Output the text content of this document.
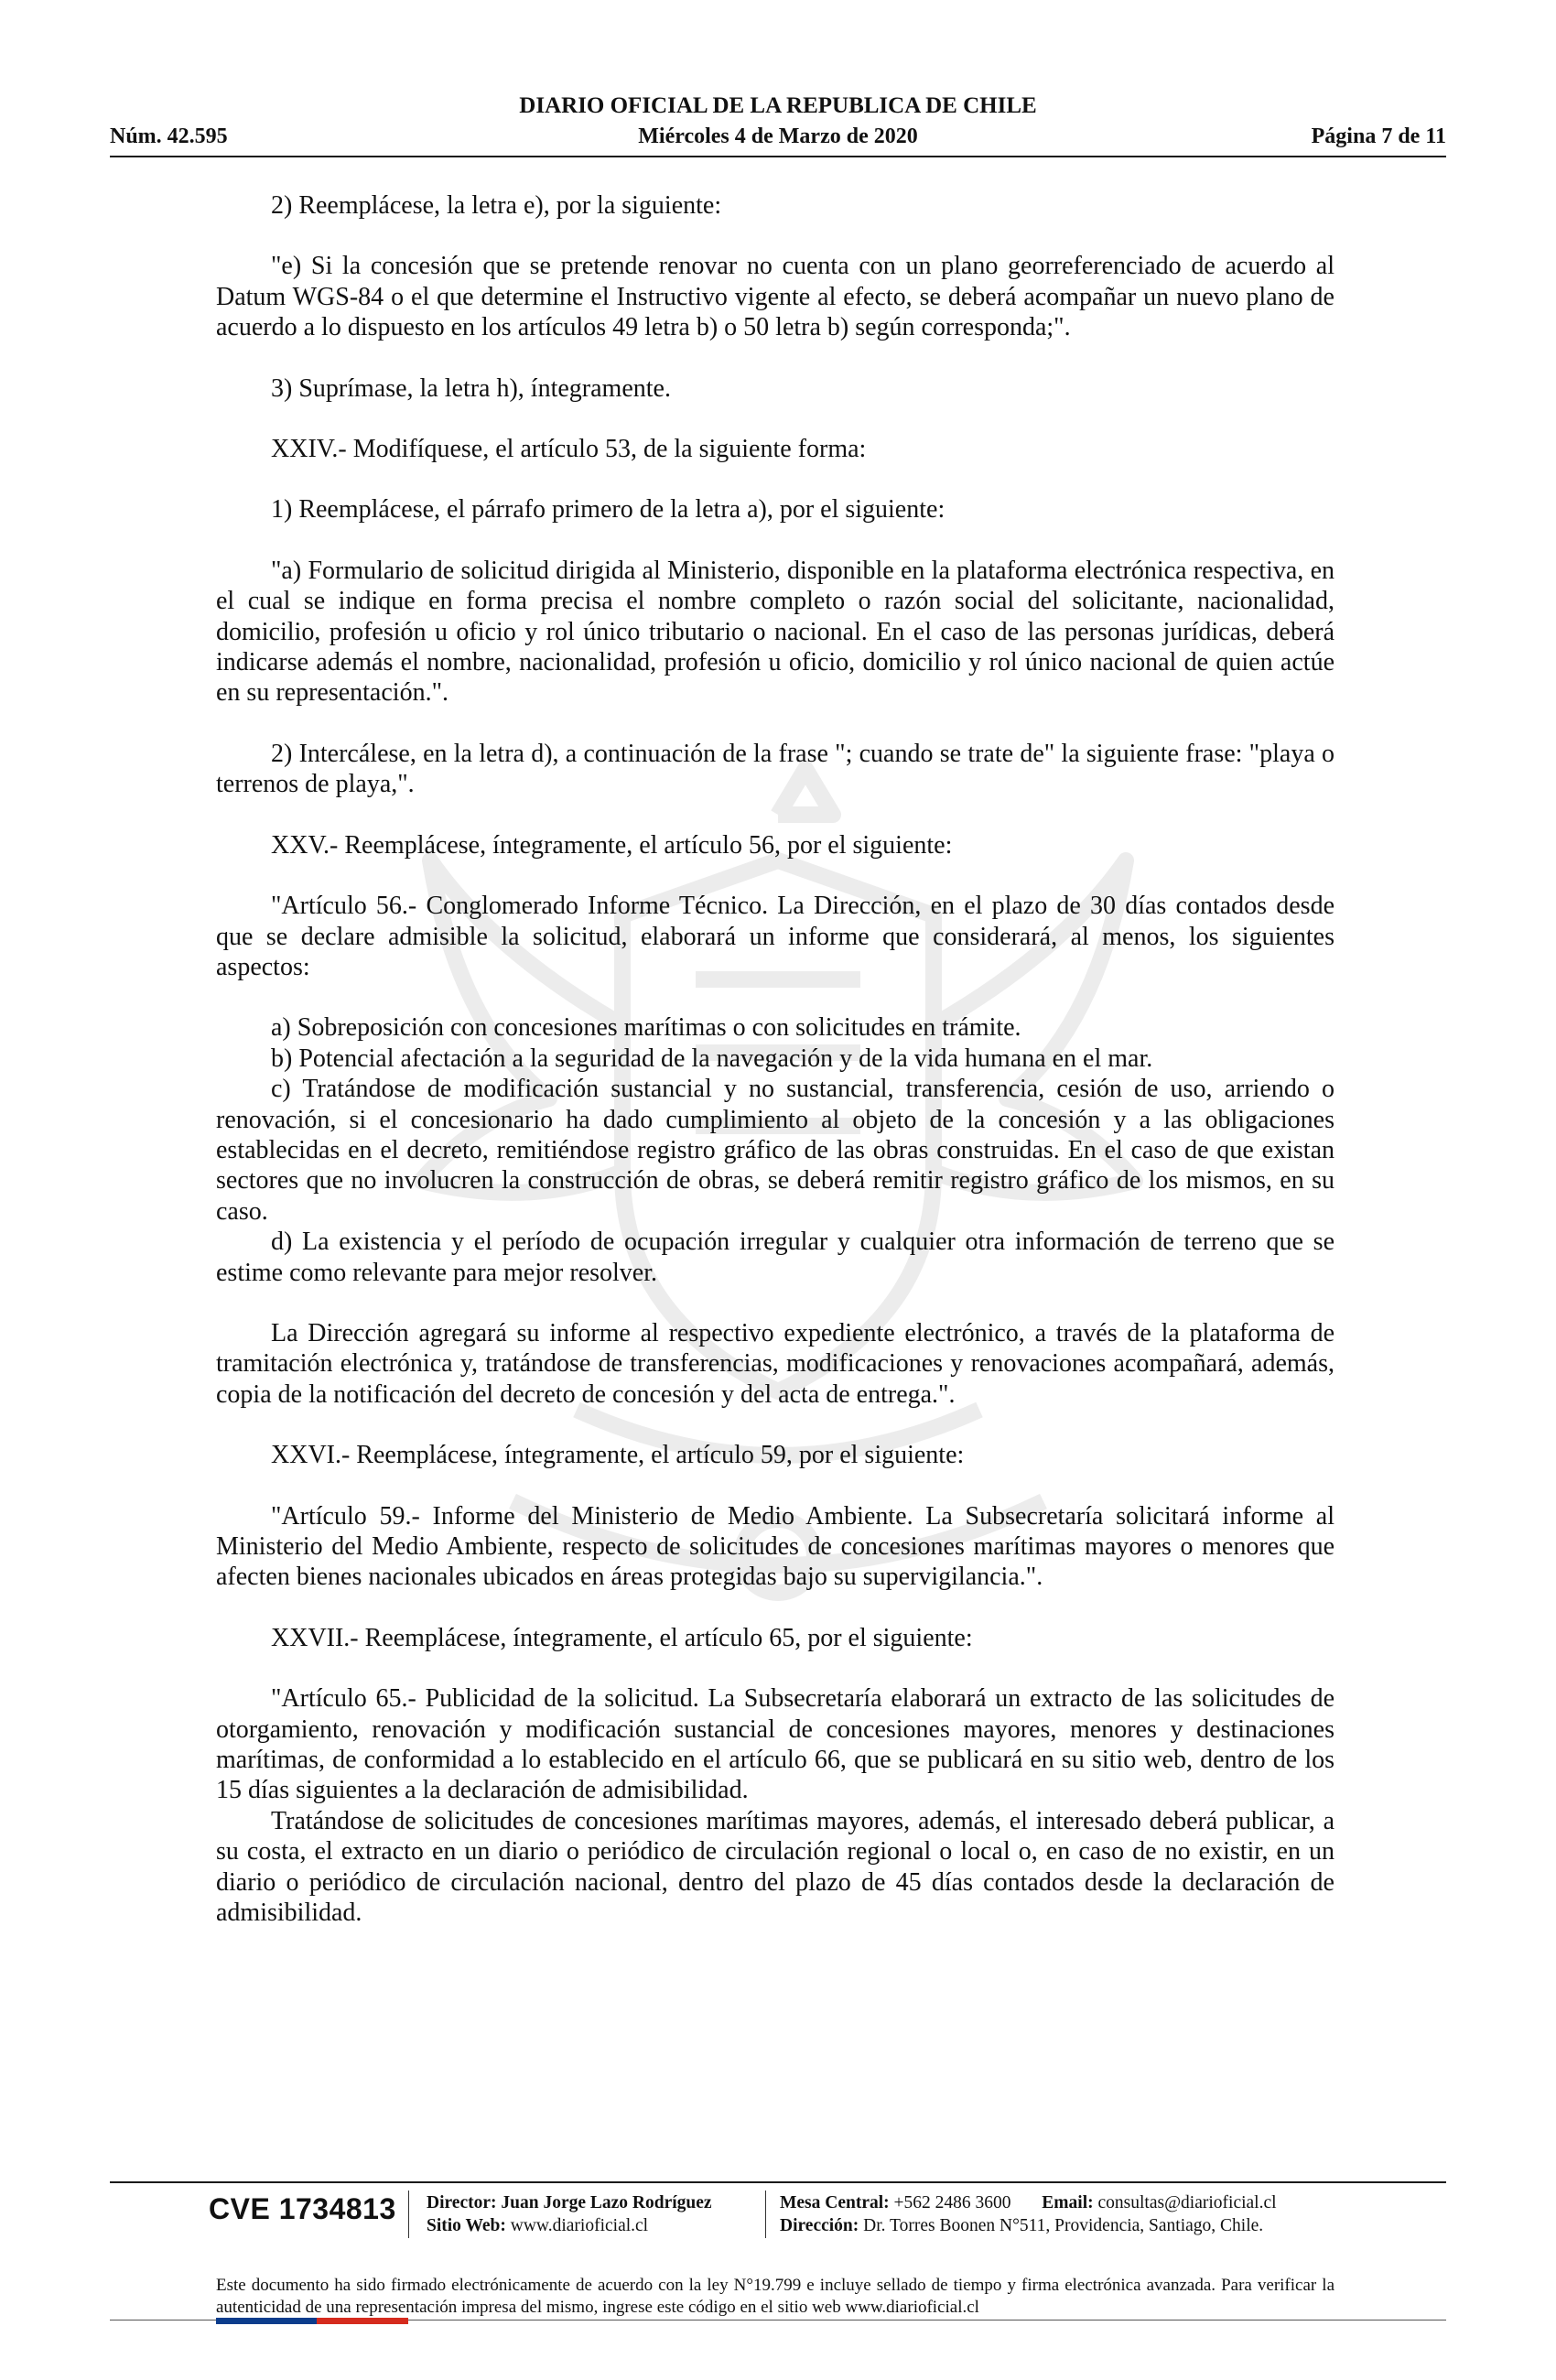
DIARIO OFICIAL DE LA REPUBLICA DE CHILE
Núm. 42.595	Miércoles 4 de Marzo de 2020	Página 7 de 11

2) Reemplácese, la letra e), por la siguiente:

"e) Si la concesión que se pretende renovar no cuenta con un plano georreferenciado de acuerdo al Datum WGS-84 o el que determine el Instructivo vigente al efecto, se deberá acompañar un nuevo plano de acuerdo a lo dispuesto en los artículos 49 letra b) o 50 letra b) según corresponda;".

3) Suprímase, la letra h), íntegramente.

XXIV.- Modifíquese, el artículo 53, de la siguiente forma:

1) Reemplácese, el párrafo primero de la letra a), por el siguiente:

"a) Formulario de solicitud dirigida al Ministerio, disponible en la plataforma electrónica respectiva, en el cual se indique en forma precisa el nombre completo o razón social del solicitante, nacionalidad, domicilio, profesión u oficio y rol único tributario o nacional. En el caso de las personas jurídicas, deberá indicarse además el nombre, nacionalidad, profesión u oficio, domicilio y rol único nacional de quien actúe en su representación.".

2) Intercálese, en la letra d), a continuación de la frase "; cuando se trate de" la siguiente frase: "playa o terrenos de playa,".

XXV.- Reemplácese, íntegramente, el artículo 56, por el siguiente:

"Artículo 56.- Conglomerado Informe Técnico. La Dirección, en el plazo de 30 días contados desde que se declare admisible la solicitud, elaborará un informe que considerará, al menos, los siguientes aspectos:

a) Sobreposición con concesiones marítimas o con solicitudes en trámite.

b) Potencial afectación a la seguridad de la navegación y de la vida humana en el mar.

c) Tratándose de modificación sustancial y no sustancial, transferencia, cesión de uso, arriendo o renovación, si el concesionario ha dado cumplimiento al objeto de la concesión y a las obligaciones establecidas en el decreto, remitiéndose registro gráfico de las obras construidas. En el caso de que existan sectores que no involucren la construcción de obras, se deberá remitir registro gráfico de los mismos, en su caso.

d) La existencia y el período de ocupación irregular y cualquier otra información de terreno que se estime como relevante para mejor resolver.

La Dirección agregará su informe al respectivo expediente electrónico, a través de la plataforma de tramitación electrónica y, tratándose de transferencias, modificaciones y renovaciones acompañará, además, copia de la notificación del decreto de concesión y del acta de entrega.".

XXVI.- Reemplácese, íntegramente, el artículo 59, por el siguiente:

"Artículo 59.- Informe del Ministerio de Medio Ambiente. La Subsecretaría solicitará informe al Ministerio del Medio Ambiente, respecto de solicitudes de concesiones marítimas mayores o menores que afecten bienes nacionales ubicados en áreas protegidas bajo su supervigilancia.".

XXVII.- Reemplácese, íntegramente, el artículo 65, por el siguiente:

"Artículo 65.- Publicidad de la solicitud. La Subsecretaría elaborará un extracto de las solicitudes de otorgamiento, renovación y modificación sustancial de concesiones mayores, menores y destinaciones marítimas, de conformidad a lo establecido en el artículo 66, que se publicará en su sitio web, dentro de los 15 días siguientes a la declaración de admisibilidad.

Tratándose de solicitudes de concesiones marítimas mayores, además, el interesado deberá publicar, a su costa, el extracto en un diario o periódico de circulación regional o local o, en caso de no existir, en un diario o periódico de circulación nacional, dentro del plazo de 45 días contados desde la declaración de admisibilidad.

CVE 1734813 Director: Juan Jorge Lazo Rodríguez
Sitio Web: www.diarioficial.cl
Mesa Central: +562 2486 3600 Email: consultas@diarioficial.cl
Dirección: Dr. Torres Boonen N°511, Providencia, Santiago, Chile.
Este documento ha sido firmado electrónicamente de acuerdo con la ley N°19.799 e incluye sellado de tiempo y firma electrónica avanzada. Para verificar la autenticidad de una representación impresa del mismo, ingrese este código en el sitio web www.diarioficial.cl
